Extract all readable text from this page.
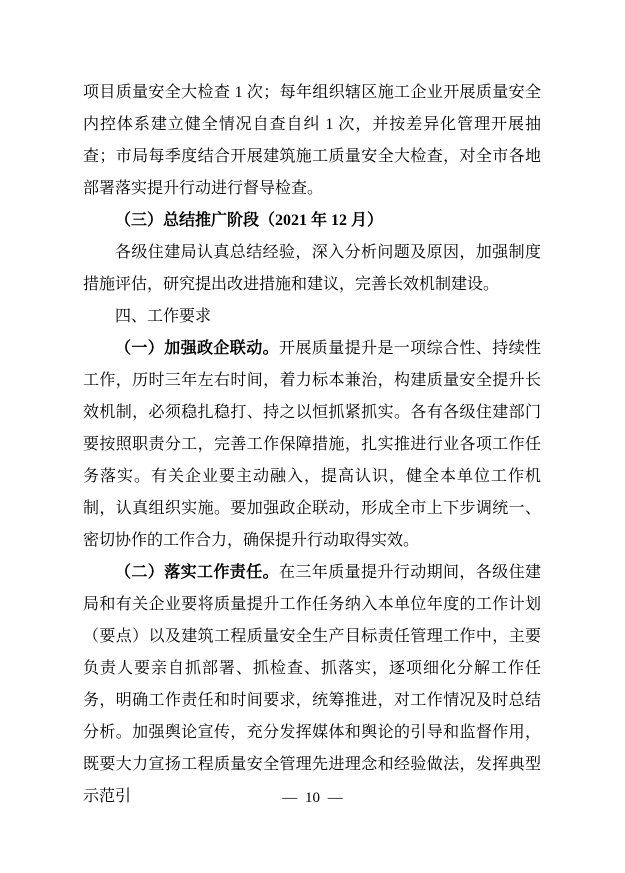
项目质量安全大检查 1 次；每年组织辖区施工企业开展质量安全内控体系建立健全情况自查自纠 1 次，并按差异化管理开展抽查；市局每季度结合开展建筑施工质量安全大检查，对全市各地部署落实提升行动进行督导检查。

（三）总结推广阶段（2021 年 12 月）

各级住建局认真总结经验，深入分析问题及原因，加强制度措施评估，研究提出改进措施和建议，完善长效机制建设。

四、工作要求

（一）加强政企联动。开展质量提升是一项综合性、持续性工作，历时三年左右时间，着力标本兼治，构建质量安全提升长效机制，必须稳扎稳打、持之以恒抓紧抓实。各有各级住建部门要按照职责分工，完善工作保障措施，扎实推进行业各项工作任务落实。有关企业要主动融入，提高认识，健全本单位工作机制，认真组织实施。要加强政企联动，形成全市上下步调统一、密切协作的工作合力，确保提升行动取得实效。

（二）落实工作责任。在三年质量提升行动期间，各级住建局和有关企业要将质量提升工作任务纳入本单位年度的工作计划（要点）以及建筑工程质量安全生产目标责任管理工作中，主要负责人要亲自抓部署、抓检查、抓落实，逐项细化分解工作任务，明确工作责任和时间要求，统筹推进，对工作情况及时总结分析。加强舆论宣传，充分发挥媒体和舆论的引导和监督作用，既要大力宣扬工程质量安全管理先进理念和经验做法，发挥典型示范引	— 10 —
